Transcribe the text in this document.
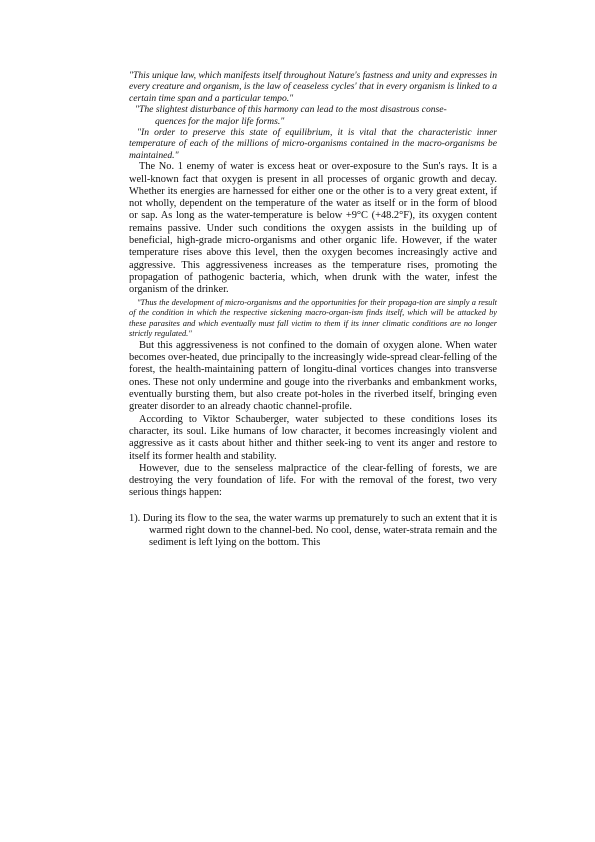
"This unique law, which manifests itself throughout Nature's fastness and unity and expresses in every creature and organism, is the law of ceaseless cycles' that in every organism is linked to a certain time span and a particular tempo."

"The slightest disturbance of this harmony can lead to the most disastrous conse-
quences for the major life forms."

"In order to preserve this state of equilibrium, it is vital that the characteristic inner temperature of each of the millions of micro-organisms contained in the macro-organisms be maintained."

The No. 1 enemy of water is excess heat or over-exposure to the Sun's rays. It is a well-known fact that oxygen is present in all processes of organic growth and decay. Whether its energies are harnessed for either one or the other is to a very great extent, if not wholly, dependent on the temperature of the water as itself or in the form of blood or sap. As long as the water-temperature is below +9°C (+48.2°F), its oxygen content remains passive. Under such conditions the oxygen assists in the building up of beneficial, high-grade micro-organisms and other organic life. However, if the water temperature rises above this level, then the oxygen becomes increasingly active and aggressive. This aggressiveness increases as the temperature rises, promoting the propagation of pathogenic bacteria, which, when drunk with the water, infest the organism of the drinker.

"Thus the development of micro-organisms and the opportunities for their propaga-tion are simply a result of the condition in which the respective sickening macro-organ-ism finds itself, which will be attacked by these parasites and which eventually must fall victim to them if its inner climatic conditions are no longer strictly regulated."

But this aggressiveness is not confined to the domain of oxygen alone. When water becomes over-heated, due principally to the increasingly wide-spread clear-felling of the forest, the health-maintaining pattern of longitu-dinal vortices changes into transverse ones. These not only undermine and gouge into the riverbanks and embankment works, eventually bursting them, but also create pot-holes in the riverbed itself, bringing even greater disorder to an already chaotic channel-profile.

According to Viktor Schauberger, water subjected to these conditions loses its character, its soul. Like humans of low character, it becomes increasingly violent and aggressive as it casts about hither and thither seek-ing to vent its anger and restore to itself its former health and stability.

However, due to the senseless malpractice of the clear-felling of forests, we are destroying the very foundation of life. For with the removal of the forest, two very serious things happen:

1). During its flow to the sea, the water warms up prematurely to such an extent that it is warmed right down to the channel-bed. No cool, dense, water-strata remain and the sediment is left lying on the bottom. This
